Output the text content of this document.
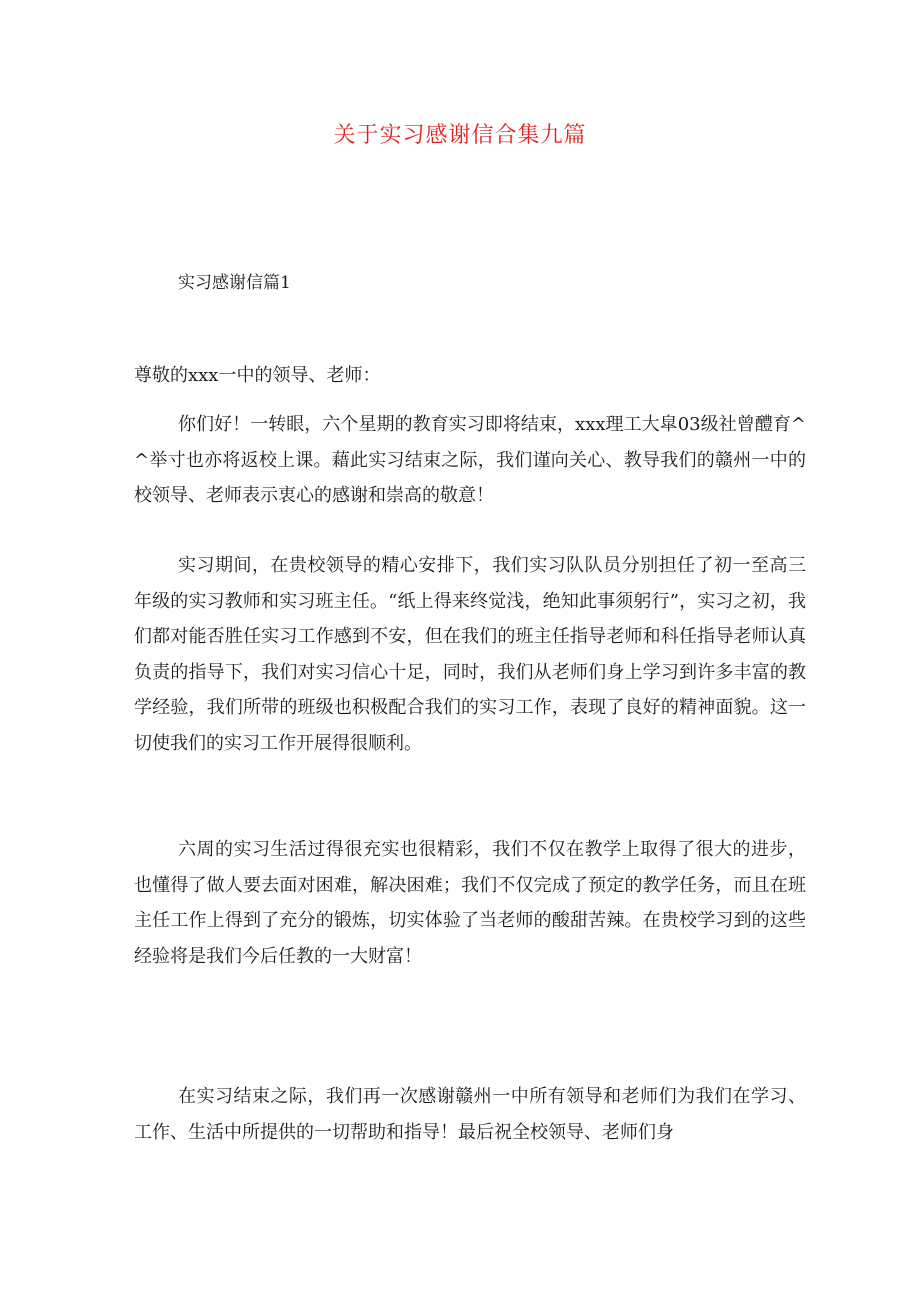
关于实习感谢信合集九篇
实习感谢信篇1

尊敬的xxx一中的领导、老师：

你们好！一转眼，六个星期的教育实习即将结束，xxx理工大皐03级社曾醴育^^举寸也亦将返校上课。藉此实习结束之际，我们谨向关心、教导我们的赣州一中的校领导、老师表示衷心的感谢和崇高的敬意！

实习期间，在贵校领导的精心安排下，我们实习队队员分别担任了初一至高三年级的实习教师和实习班主任。“纸上得来终觉浅，绝知此事须躬行”，实习之初，我们都对能否胜任实习工作感到不安，但在我们的班主任指导老师和科任指导老师认真负责的指导下，我们对实习信心十足，同时，我们从老师们身上学习到许多丰富的教学经验，我们所带的班级也积极配合我们的实习工作，表现了良好的精神面貌。这一切使我们的实习工作开展得很顺利。

六周的实习生活过得很充实也很精彩，我们不仅在教学上取得了很大的进步，也懂得了做人要去面对困难，解决困难；我们不仅完成了预定的教学任务，而且在班主任工作上得到了充分的锻炼，切实体验了当老师的酸甜苦辣。在贵校学习到的这些经验将是我们今后任教的一大财富！

在实习结束之际，我们再一次感谢赣州一中所有领导和老师们为我们在学习、工作、生活中所提供的一切帮助和指导！最后祝全校领导、老师们身
